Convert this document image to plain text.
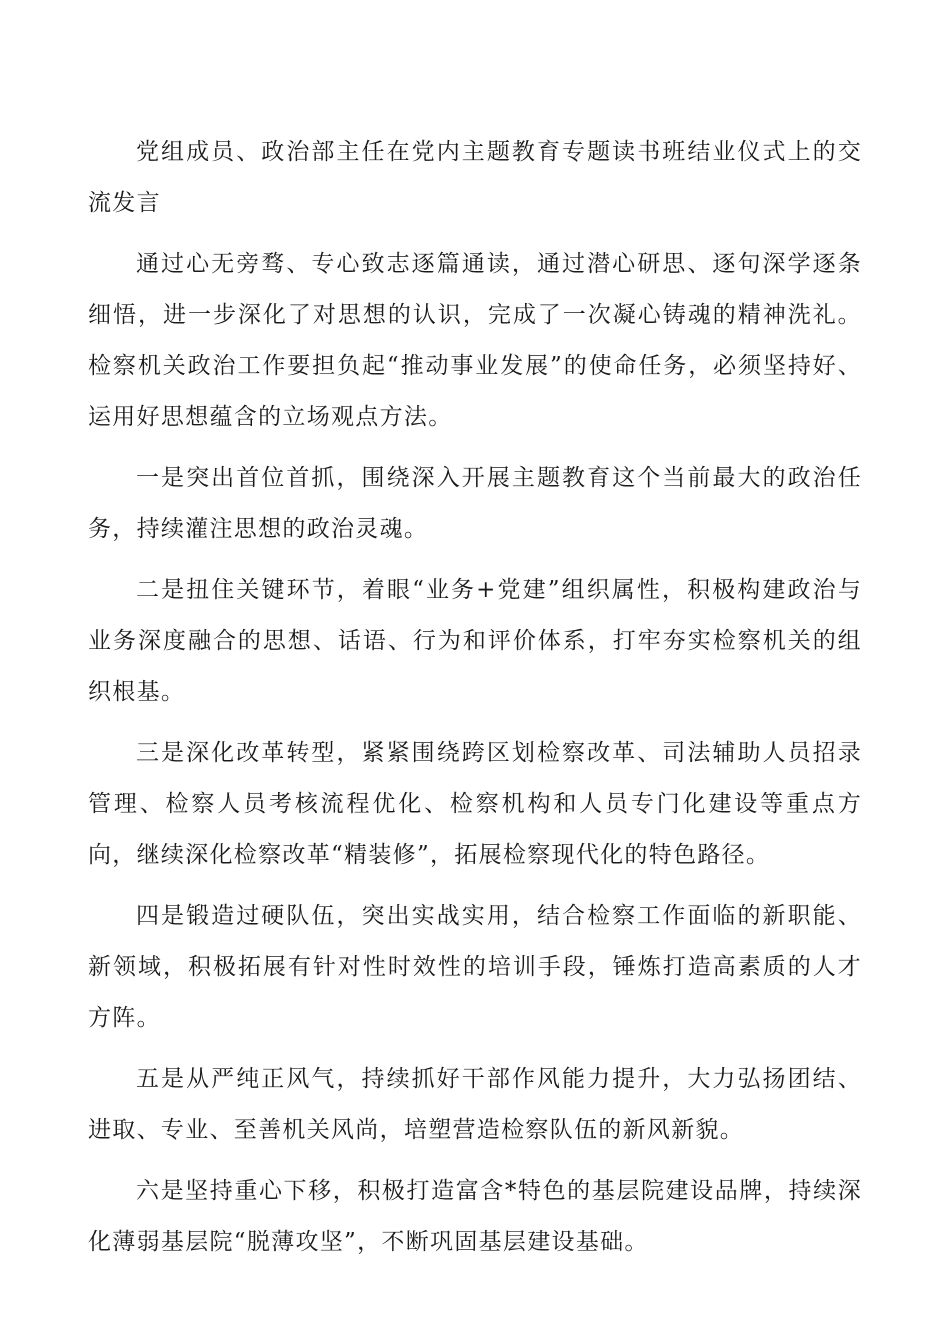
党组成员、政治部主任在党内主题教育专题读书班结业仪式上的交流发言

通过心无旁骛、专心致志逐篇通读，通过潜心研思、逐句深学逐条细悟，进一步深化了对思想的认识，完成了一次凝心铸魂的精神洗礼。检察机关政治工作要担负起“推动事业发展”的使命任务，必须坚持好、运用好思想蕴含的立场观点方法。

一是突出首位首抓，围绕深入开展主题教育这个当前最大的政治任务，持续灌注思想的政治灵魂。

二是扭住关键环节，着眼“业务+党建”组织属性，积极构建政治与业务深度融合的思想、话语、行为和评价体系，打牢夯实检察机关的组织根基。

三是深化改革转型，紧紧围绕跨区划检察改革、司法辅助人员招录管理、检察人员考核流程优化、检察机构和人员专门化建设等重点方向，继续深化检察改革“精装修”，拓展检察现代化的特色路径。

四是锻造过硬队伍，突出实战实用，结合检察工作面临的新职能、新领域，积极拓展有针对性时效性的培训手段，锤炼打造高素质的人才方阵。

五是从严纯正风气，持续抓好干部作风能力提升，大力弘扬团结、进取、专业、至善机关风尚，培塑营造检察队伍的新风新貌。

六是坚持重心下移，积极打造富含*特色的基层院建设品牌，持续深化薄弱基层院“脱薄攻坚”，不断巩固基层建设基础。
